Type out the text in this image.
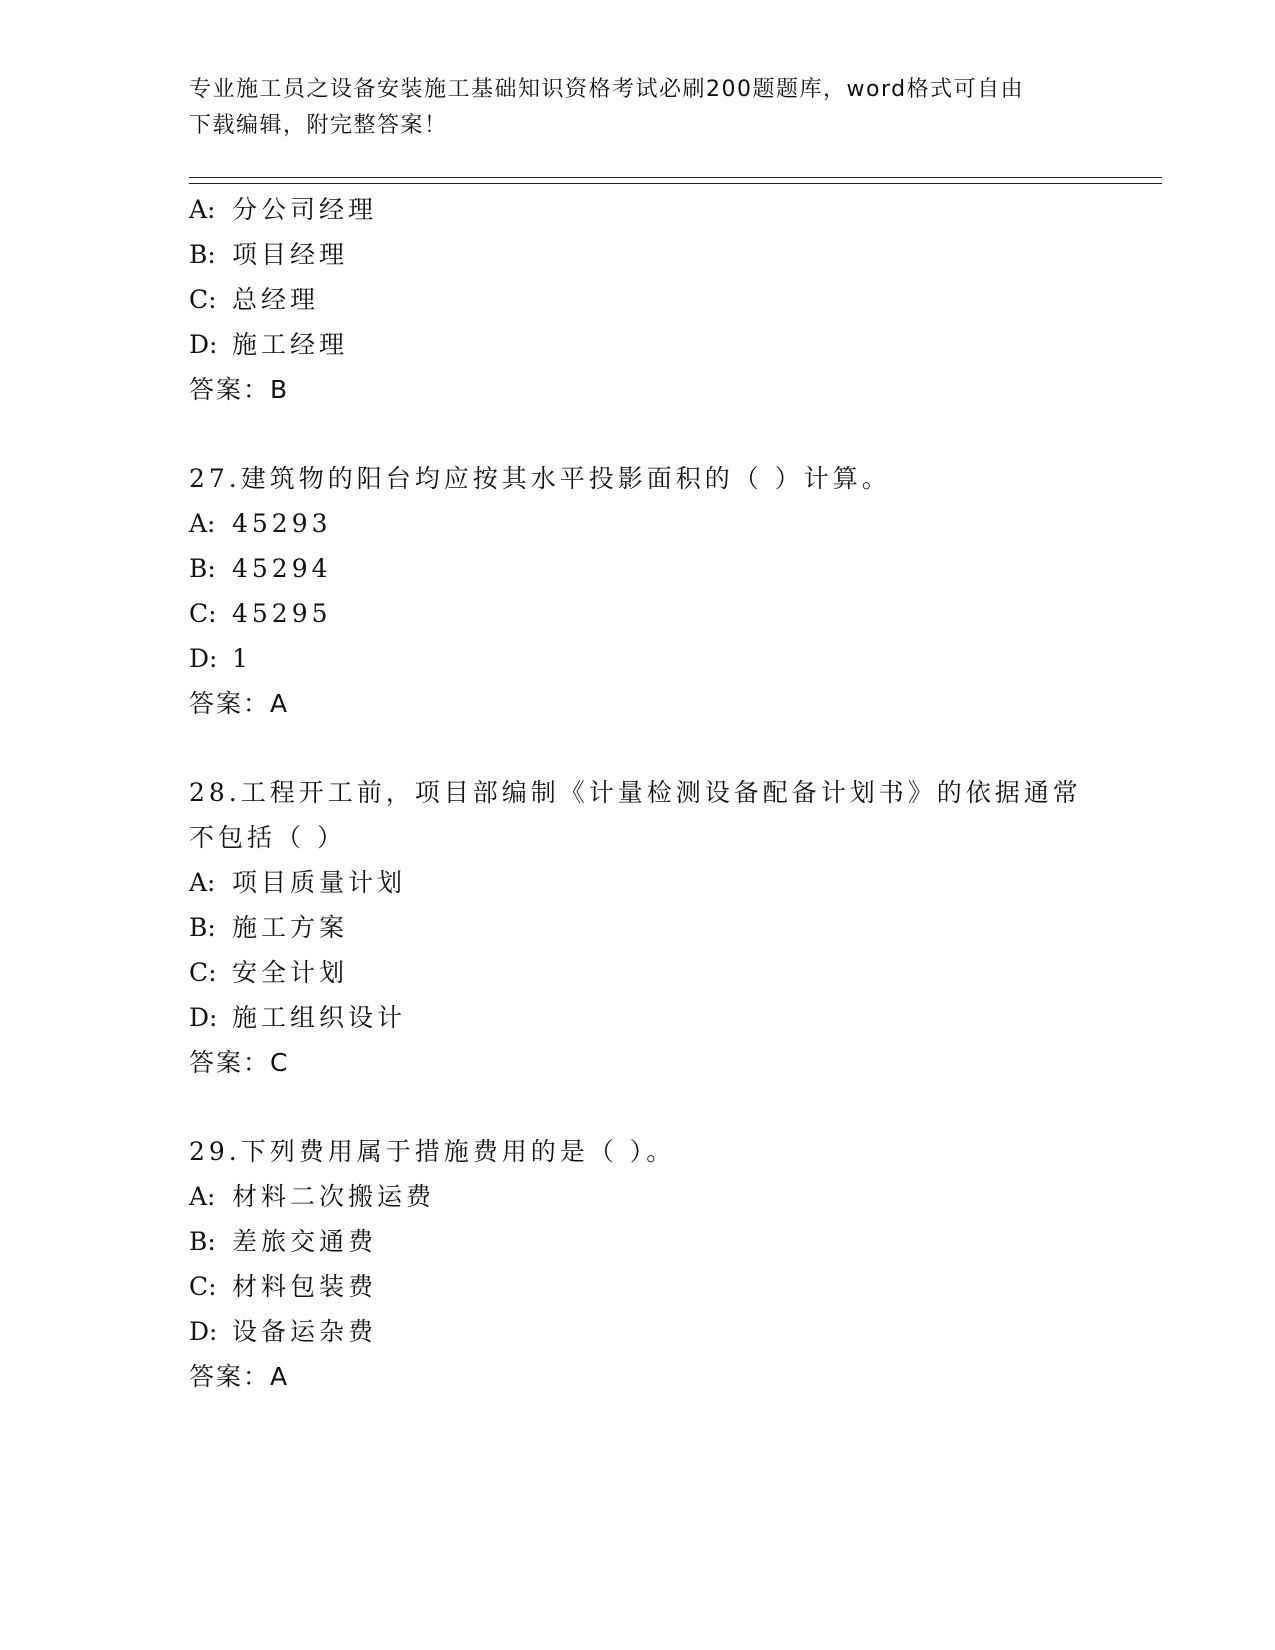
专业施工员之设备安装施工基础知识资格考试必刷200题题库，word格式可自由
下载编辑，附完整答案！
A: 分公司经理
B: 项目经理
C: 总经理
D: 施工经理
答案：B
27.建筑物的阳台均应按其水平投影面积的（ ）计算。
A: 45293
B: 45294
C: 45295
D: 1
答案：A
28.工程开工前，项目部编制《计量检测设备配备计划书》的依据通常
不包括（ ）
A: 项目质量计划
B: 施工方案
C: 安全计划
D: 施工组织设计
答案：C
29.下列费用属于措施费用的是（ ）。
A: 材料二次搬运费
B: 差旅交通费
C: 材料包装费
D: 设备运杂费
答案：A
